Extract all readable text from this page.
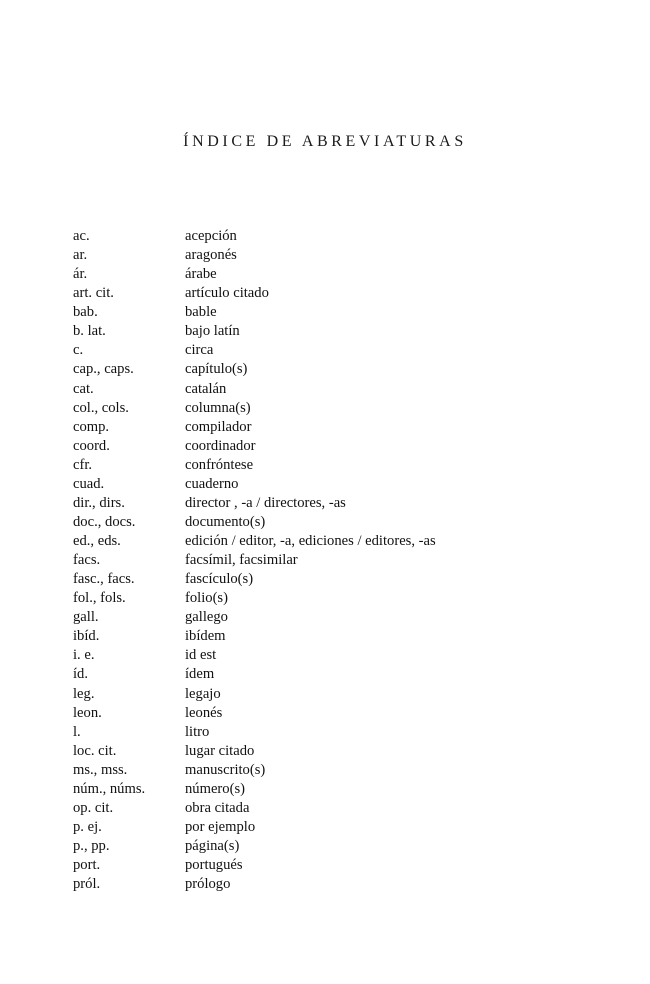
ÍNDICE DE ABREVIATURAS
ac.	acepción
ar.	aragonés
ár.	árabe
art. cit.	artículo citado
bab.	bable
b. lat.	bajo latín
c.	circa
cap., caps.	capítulo(s)
cat.	catalán
col., cols.	columna(s)
comp.	compilador
coord.	coordinador
cfr.	confróntese
cuad.	cuaderno
dir., dirs.	director , -a / directores, -as
doc., docs.	documento(s)
ed., eds.	edición / editor, -a, ediciones / editores, -as
facs.	facsímil, facsimilar
fasc., facs.	fascículo(s)
fol., fols.	folio(s)
gall.	gallego
ibíd.	ibídem
i. e.	id est
íd.	ídem
leg.	legajo
leon.	leonés
l.	litro
loc. cit.	lugar citado
ms., mss.	manuscrito(s)
núm., núms.	número(s)
op. cit.	obra citada
p. ej.	por ejemplo
p., pp.	página(s)
port.	portugués
pról.	prólogo
